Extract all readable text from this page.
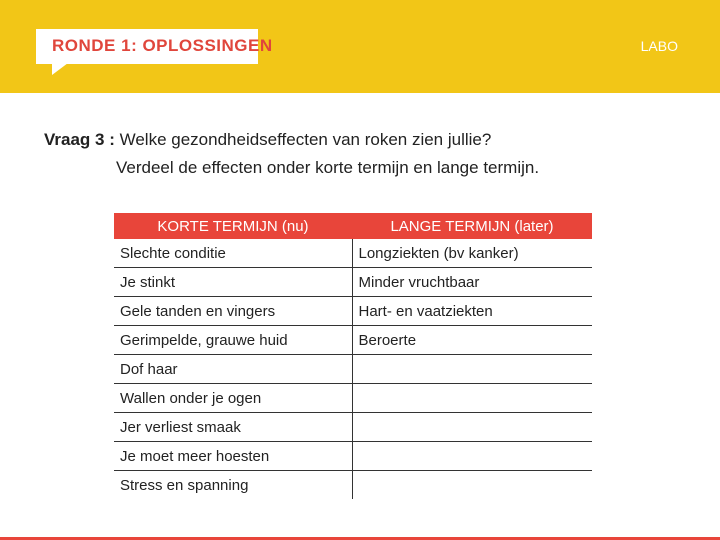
RONDE 1: OPLOSSINGEN	LABO
Vraag 3 : Welke gezondheidseffecten van roken zien jullie?
Verdeel de effecten onder korte termijn en lange termijn.
KORTE TERMIJN (nu)	LANGE TERMIJN (later)
Slechte conditie	Longziekten (bv kanker)
Je stinkt	Minder vruchtbaar
Gele tanden en vingers	Hart- en vaatziekten
Gerimpelde, grauwe huid	Beroerte
Dof haar	
Wallen onder je ogen	
Jer verliest smaak	
Je moet meer hoesten	
Stress en spanning	
